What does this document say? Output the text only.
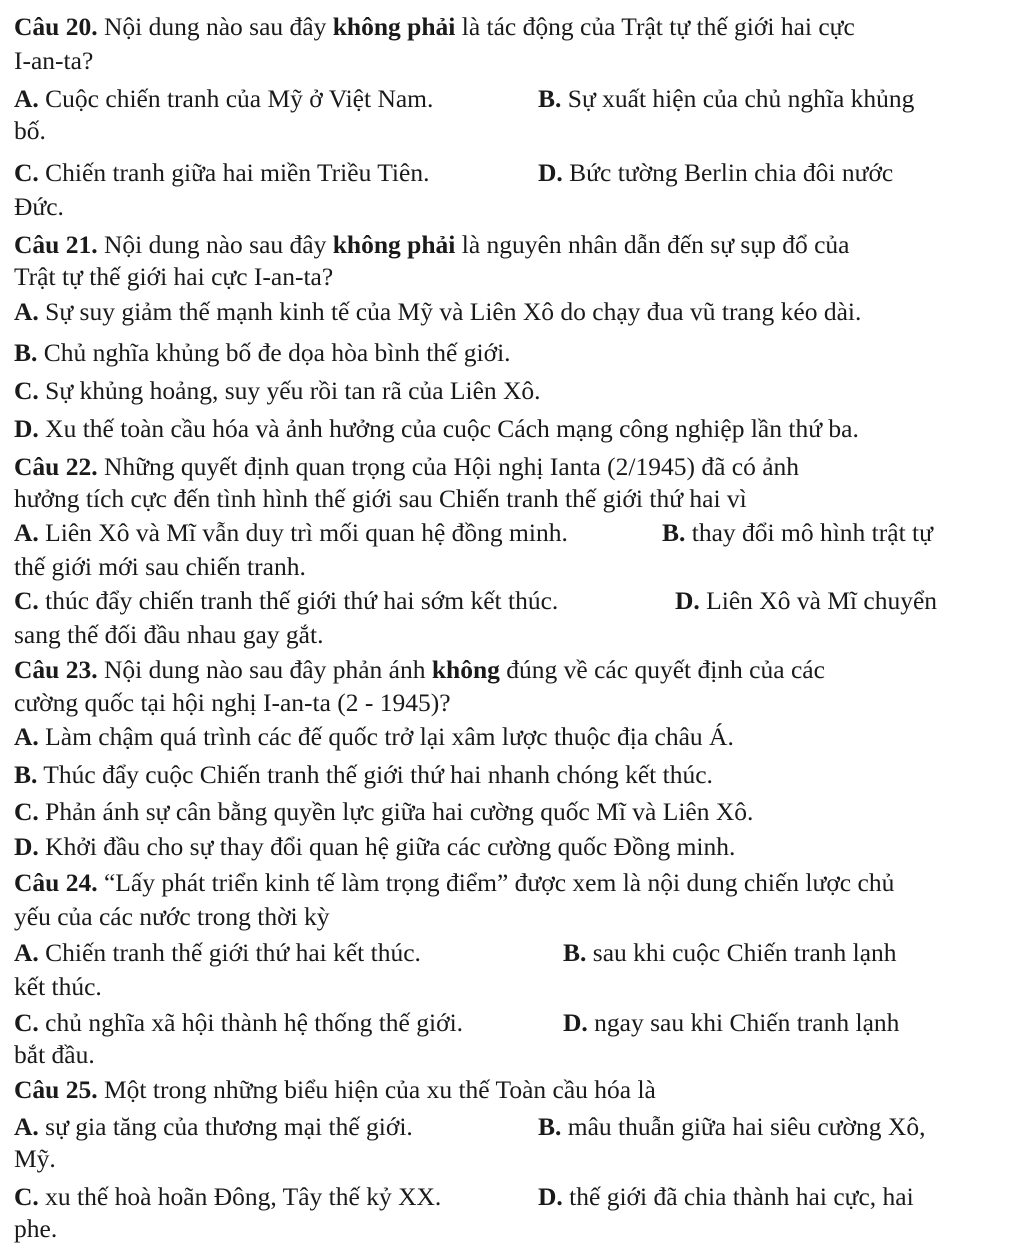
Câu 20. Nội dung nào sau đây không phải là tác động của Trật tự thế giới hai cực
I-an-ta?
A. Cuộc chiến tranh của Mỹ ở Việt Nam.	B. Sự xuất hiện của chủ nghĩa khủng
bố.
C. Chiến tranh giữa hai miền Triều Tiên.	D. Bức tường Berlin chia đôi nước
Đức.
Câu 21. Nội dung nào sau đây không phải là nguyên nhân dẫn đến sự sụp đổ của
Trật tự thế giới hai cực I-an-ta?
A. Sự suy giảm thế mạnh kinh tế của Mỹ và Liên Xô do chạy đua vũ trang kéo dài.
B. Chủ nghĩa khủng bố đe dọa hòa bình thế giới.
C. Sự khủng hoảng, suy yếu rồi tan rã của Liên Xô.
D. Xu thế toàn cầu hóa và ảnh hưởng của cuộc Cách mạng công nghiệp lần thứ ba.
Câu 22. Những quyết định quan trọng của Hội nghị Ianta (2/1945) đã có ảnh
hưởng tích cực đến tình hình thế giới sau Chiến tranh thế giới thứ hai vì
A. Liên Xô và Mĩ vẫn duy trì mối quan hệ đồng minh.	B. thay đổi mô hình trật tự
thế giới mới sau chiến tranh.
C. thúc đẩy chiến tranh thế giới thứ hai sớm kết thúc.	D. Liên Xô và Mĩ chuyển
sang thế đối đầu nhau gay gắt.
Câu 23. Nội dung nào sau đây phản ánh không đúng về các quyết định của các
cường quốc tại hội nghị I-an-ta (2 - 1945)?
A. Làm chậm quá trình các đế quốc trở lại xâm lược thuộc địa châu Á.
B. Thúc đẩy cuộc Chiến tranh thế giới thứ hai nhanh chóng kết thúc.
C. Phản ánh sự cân bằng quyền lực giữa hai cường quốc Mĩ và Liên Xô.
D. Khởi đầu cho sự thay đổi quan hệ giữa các cường quốc Đồng minh.
Câu 24. “Lấy phát triển kinh tế làm trọng điểm” được xem là nội dung chiến lược chủ
yếu của các nước trong thời kỳ
A. Chiến tranh thế giới thứ hai kết thúc.	B. sau khi cuộc Chiến tranh lạnh
kết thúc.
C. chủ nghĩa xã hội thành hệ thống thế giới.	D. ngay sau khi Chiến tranh lạnh
bắt đầu.
Câu 25. Một trong những biểu hiện của xu thế Toàn cầu hóa là
A. sự gia tăng của thương mại thế giới.	B. mâu thuẫn giữa hai siêu cường Xô,
Mỹ.
C. xu thế hoà hoãn Đông, Tây thế kỷ XX.	D. thế giới đã chia thành hai cực, hai
phe.
